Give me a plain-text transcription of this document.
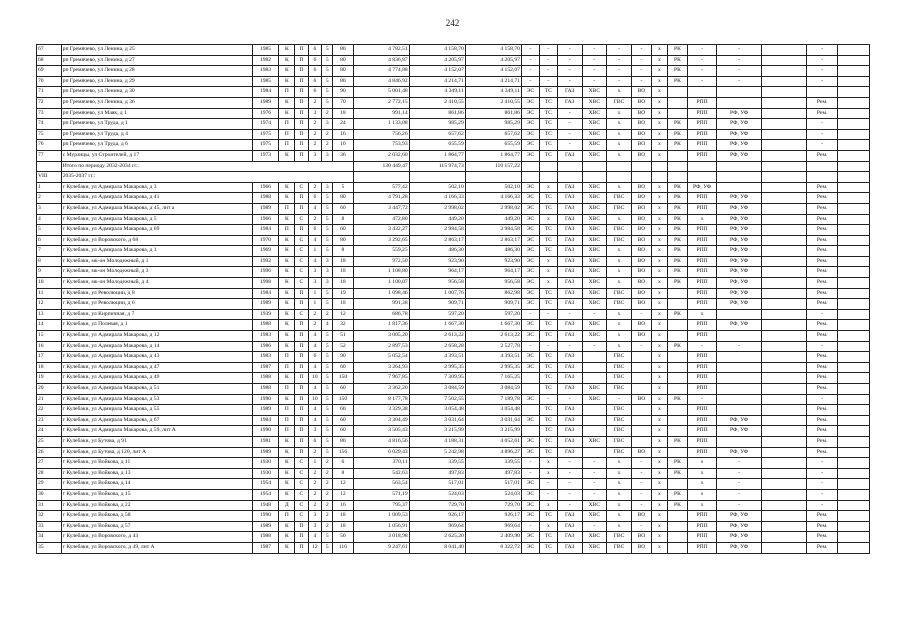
242
67	рп Гремячево, ул Ленина, д 25	1985	К	П	6	5	80	4 782,51	4 158,70	4 158,70	-	-	-	-	-	-	х	РК	-	-		-	
68	рп Гремячево, ул Ленина, д 27	1982	К	П	6	5	80	4 836,87	4 205,97	4 205,97	-	-	-	-	-	-	х	РК	-	-		-	
69	рп Гремячево, ул Ленина, д 28	1983	К	П	6	5	80	4 774,88	4 152,07	4 152,07	-	-	-	-	-	-	х	РК	-	-		-	
70	рп Гремячево, ул Ленина, д 29	1985	К	П	6	5	80	4 846,92	4 214,71	4 214,71	-	-	-	-	-	-	х	РК	-	-		-	
71	рп Гремячево, ул Ленина, д 30	1984	П	П	6	5	90	5 001,48	4 349,11	4 349,11	ЭС	ТС	ГАЗ	ХВС	х	ВО	х						
72	рп Гремячево, ул Ленина, д 36	1989	К	П	2	5	70	2 772,15	2 410,55	2 410,55	ЭС	ТС	ГАЗ	ХВС	ГВС	ВО	х		РПП			Рем.	
73	рп Гремячево, ул Маяк, д 1	1976	К	П	3	2	18	991,14	861,86	861,86	ЭС	ТС	-	ХВС	х	ВО	х		РПП	РФ, УФ		Рем.	
74	рп Гремячево, ул Труда, д 1	1974	П	П	2	3	24	1 133,08	985,29	985,29	ЭС	ТС	-	ХВС	х	ВО	х	РК	РПП	РФ, УФ		-	
75	рп Гремячево, ул Труда, д 4	1975	П	П	2	2	16	756,26	657,62	657,62	ЭС	ТС	-	ХВС	х	ВО	х	РК	РПП	РФ, УФ		-	
76	рп Гремячево, ул Труда, д 6	1975	П	П	2	2	16	753,93	655,59	655,59	ЭС	ТС	-	ХВС	х	ВО	х	РК	РПП	РФ, УФ		-	
77	с Мурзицы, ул Строителей, д 17	1973	К	П	3	3	36	2 032,60	1 864,77	1 864,77	ЭС	ТС	ГАЗ	ХВС	х	ВО	х		РПП	РФ, УФ		Рем.	
	Итого по периоду 2032-2034 гг.:							130 449,47	115 974,73	110 157,22													
VIII	2035-2037 гг.:																						
1	г Кулебаки, ул Адмирала Макарова, д 3	1966	К	С	2	3	5	577,42	502,10	502,10	ЭС	х	ГАЗ	ХВС	х	ВО	х	РК	РФ, УФ			Рем.	
2	г Кулебаки, ул Адмирала Макарова, д 41	1988	К	П	6	5	80	4 791,28	4 166,33	4 166,33	ЭС	ТС	ГАЗ	ХВС	ГВС	ВО	х	РК	РПП	РФ, УФ		Рем.	
3	г Кулебаки, ул Адмирала Макарова, д 45, лит а	1989	П	П	4	5	60	3 447,72	2 998,02	2 998,02	ЭС	ТС	ГАЗ	ХВС	ГВС	ВО	х	РК	РПП	РФ, УФ		Рем.	
4	г Кулебаки, ул Адмирала Макарова, д 5	1966	К	С	2	5	8	472,80	449,20	449,20	ЭС	х	ГАЗ	ХВС	х	ВО	х	РК	х	РФ, УФ		Рем.	
5	г Кулебаки, ул Адмирала Макарова, д 69	1984	П	П	6	5	60	3 432,27	2 984,58	2 984,58	ЭС	ТС	ГАЗ	ХВС	ГВС	ВО	х	РК	РПП	РФ, УФ		Рем.	
6	г Кулебаки, ул Воровского, д 68	1970	К	С	4	5	80	3 292,65	2 863,17	2 863,17	ЭС	ТС	ГАЗ	ХВС	ГВС	ВО	х	РК	РПП	РФ, УФ		Рем.	
7	г Кулебаки, ул Адмирала Макарова, д 1	1969	К	С	1	5	8	559,25	486,30	486,30	ЭС	ТС	ГАЗ	ХВС	х	ВО	х	РК	РПП	РФ, УФ		Рем.	
8	г Кулебаки, мк-он Молодежный, д 1	1992	К	С	4	3	18	972,50	923,90	923,90	ЭС	х	ГАЗ	ХВС	х	ВО	х	РК	РПП	РФ, УФ		Рем.	
9	г Кулебаки, мк-он Молодежный, д 3	1996	К	С	3	3	18	1 108,80	964,17	964,17	ЭС	х	ГАЗ	ХВС	х	ВО	х	РК	РПП	РФ, УФ		Рем.	
10	г Кулебаки, мк-он Молодежный, д 4	1998	К	С	3	3	18	1 100,07	956,58	956,58	ЭС	х	ГАЗ	ХВС	х	ВО	х	РК	РПП	РФ, УФ		Рем.	
11	г Кулебаки, ул Революции, д 8	1984	К	П	1	5	19	1 098,46	1 007,76	862,98	ЭС	ТС	ГАЗ	ХВС	ГВС	ВО	х		РПП	РФ, УФ		Рем.	
12	г Кулебаки, ул Революции, д 6	1989	К	П	1	5	18	991,38	909,71	909,71	ЭС	ТС	ГАЗ	ХВС	ГВС	ВО	х		РПП	РФ, УФ		Рем.	
13	г Кулебаки, ул Кирпичная, д 7	1939	К	С	2	2	12	686,78	597,20	597,20	-	-	-	-	х	-	х	РК	х			-	
14	г Кулебаки, ул Полевая, д 1	1988	К	П	2	4	32	1 817,36	1 667,30	1 667,30	ЭС	ТС	ГАЗ	ХВС	х	ВО	х		РПП	РФ, УФ		Рем.	
15	г Кулебаки, ул Адмирала Макарова, д 12	1983	К	П	4	5	51	3 005,20	2 613,22	2 613,22	ЭС	ТС	ГАЗ	ХВС	х	ВО	х		РПП			Рем.	
16	г Кулебаки, ул Адмирала Макарова, д 14	1986	К	П	4	5	52	2 897,53	2 658,28	2 527,78	-	-	-	-	х	-	х	РК	-	-		-	
17	г Кулебаки, ул Адмирала Макарова, д 43	1983	П	П	6	5	90	5 052,54	4 393,51	4 393,51	ЭС	ТС	ГАЗ		ГВС		х		РПП			Рем.	
18	г Кулебаки, ул Адмирала Макарова, д 47	1987	П	П	4	5	60	3 264,93	2 995,35	2 995,35	ЭС	ТС	ГАЗ		ГВС		х		РПП			Рем.	
19	г Кулебаки, ул Адмирала Макарова, д 49	1988	К	П	10	5	150	7 967,85	7 309,95	7 165,25		ТС	ГАЗ		ГВС		х		РПП			Рем.	
20	г Кулебаки, ул Адмирала Макарова, д 51	1988	П	П	4	5	60	3 362,20	3 084,59	3 084,59		ТС	ГАЗ	ХВС	ГВС		х		РПП			Рем.	
21	г Кулебаки, ул Адмирала Макарова, д 53	1990	К	П	10	5	150	8 177,78	7 502,55	7 189,78	ЭС	-	-	ХВС	-	ВО	х	РК	-			-	
22	г Кулебаки, ул Адмирала Макарова, д 55	1989	П	П	4	5	60	3 329,38	3 054,48	3 054,48		ТС	ГАЗ		ГВС		х		РПП			Рем.	
23	г Кулебаки, ул Адмирала Макарова, д 67	1984	П	П	4	5	60	3 304,49	3 031,64	3 031,64	ЭС	ТС	ГАЗ		ГВС		х		РПП	РФ, УФ		Рем.	
24	г Кулебаки, ул Адмирала Макарова, д 59, лит А	1990	П	П	3	5	60	3 505,43	3 215,99	3 215,99		ТС	ГАЗ		ГВС		х		РПП	РФ, УФ		Рем.	
25	г Кулебаки, ул Бутова, д 91	1981	К	П	6	5	80	4 816,56	4 188,31	4 052,61	ЭС	ТС	ГАЗ	ХВС	ГВС		х	РК	РПП			Рем.	
26	г Кулебаки, ул Бутова, д 120, лит А	1989	К	П	2	5	156	6 029,43	5 242,98	4 896,27	ЭС	ТС	ГАЗ		ГВС	ВО	х		РПП	РФ, УФ		Рем.	
27	г Кулебаки, ул Войкова, д 11	1930	К	С	1	2	6	370,11	339,55	339,55	-	х	-	-	х	-	х	РК	х	-		-	
28	г Кулебаки, ул Войкова, д 13	1930	К	С	2	2	8	542,63	497,83	497,83	-	х	-	-	х	-	х	РК	х	-		-	
29	г Кулебаки, ул Войкова, д 14	1954	К	С	2	2	12	563,54	517,01	517,01	ЭС	-	-	-	х	-	х		х	-		-	
30	г Кулебаки, ул Войкова, д 15	1954	К	С	2	2	12	571,19	524,03	524,03	ЭС	-	-	-	х	-	х	РК	х	-		-	
31	г Кулебаки, ул Войкова, д 22	1948	Д	С	2	2	16	795,37	729,70	729,70	ЭС	х	-	ХВС	х	-	х	РК	х	-		-	
32	г Кулебаки, ул Войкова, д 58	1990	П	С	3	2	18	1 009,53	926,17	926,17	ЭС	ТС	ГАЗ	ХВС	х	ВО	х		РПП	РФ, УФ		Рем.	
33	г Кулебаки, ул Войкова, д 57	1989	К	П	3	2	18	1 056,91	969,64	969,64	-	х	ГАЗ	-	х	-	х		РПП	РФ, УФ		Рем.	
34	г Кулебаки, ул Воровского, д 43	1988	К	П	4	5	56	3 018,98	2 625,20	2 409,90	ЭС	ТС	ГАЗ	ХВС	ГВС	ВО	х		РПП	РФ, УФ		Рем.	
35	г Кулебаки, ул Воровского, д 49, лит А	1987	К	П	12	5	116	9 247,61	8 041,40	6 322,72	ЭС	ТС	ГАЗ	ХВС	ГВС	ВО	х		РПП	РФ, УФ		Рем.	
